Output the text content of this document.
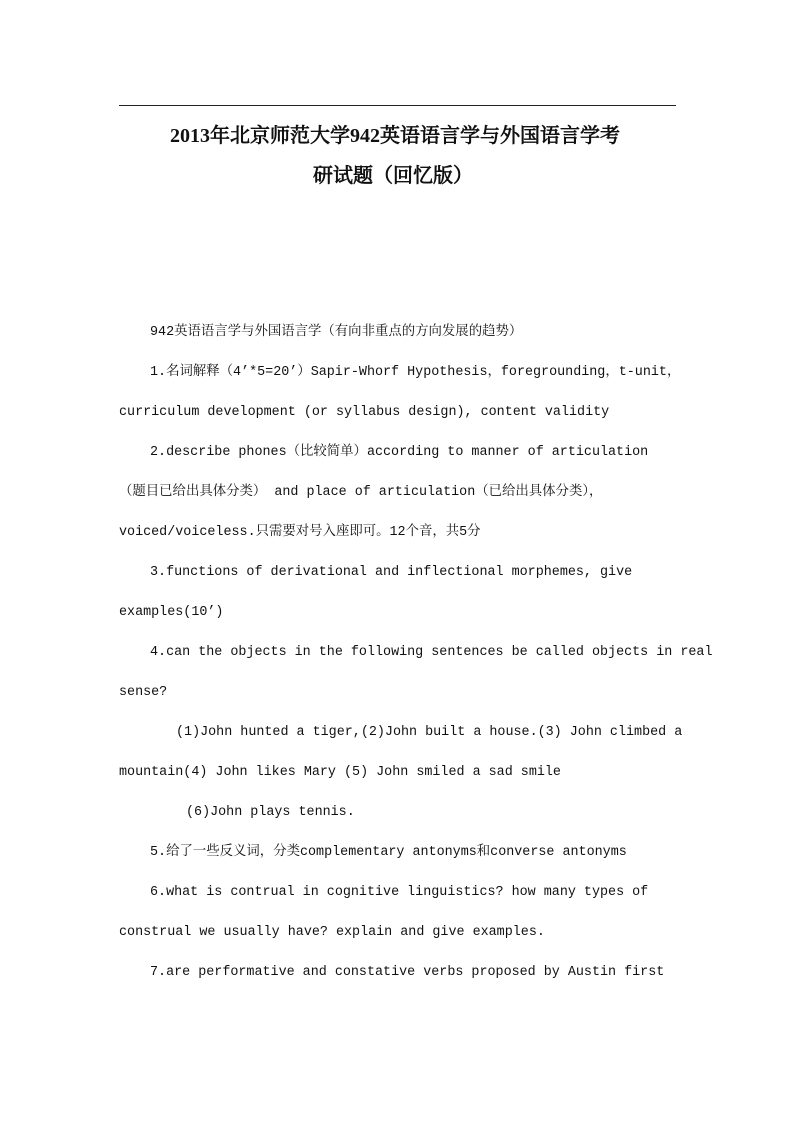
2013年北京师范大学942英语语言学与外国语言学考
研试题（回忆版）
942英语语言学与外国语言学（有向非重点的方向发展的趋势）
1.名词解释（4’*5=20’）Sapir-Whorf Hypothesis，foregrounding，t-unit，
curriculum development (or syllabus design), content validity
2.describe phones（比较简单）according to manner of articulation
（题目已给出具体分类） and place of articulation（已给出具体分类），
voiced/voiceless.只需要对号入座即可。12个音，共5分
3.functions of derivational and inflectional morphemes, give
examples(10’)
4.can the objects in the following sentences be called objects in real
sense?
(1)John hunted a tiger,(2)John built a house.(3) John climbed a
mountain(4) John likes Mary (5) John smiled a sad smile
(6)John plays tennis.
5.给了一些反义词，分类complementary antonyms和converse antonyms
6.what is contrual in cognitive linguistics? how many types of
construal we usually have? explain and give examples.
7.are performative and constative verbs proposed by Austin first
